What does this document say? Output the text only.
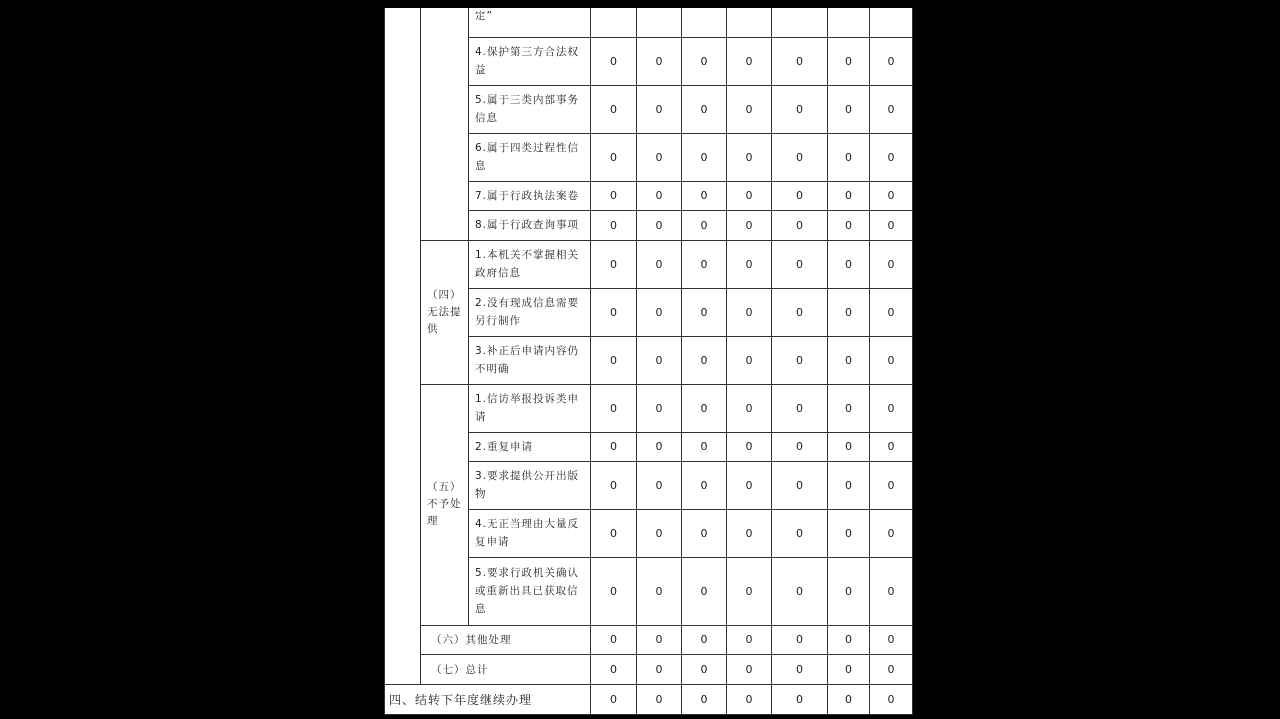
		定”							
		4.保护第三方合法权益	0	0	0	0	0	0	0
		5.属于三类内部事务信息	0	0	0	0	0	0	0
		6.属于四类过程性信息	0	0	0	0	0	0	0
		7.属于行政执法案卷	0	0	0	0	0	0	0
		8.属于行政查询事项	0	0	0	0	0	0	0
	（四）无法提供	1.本机关不掌握相关政府信息	0	0	0	0	0	0	0
		2.没有现成信息需要另行制作	0	0	0	0	0	0	0
		3.补正后申请内容仍不明确	0	0	0	0	0	0	0
	（五）不予处理	1.信访举报投诉类申请	0	0	0	0	0	0	0
		2.重复申请	0	0	0	0	0	0	0
		3.要求提供公开出版物	0	0	0	0	0	0	0
		4.无正当理由大量反复申请	0	0	0	0	0	0	0
		5.要求行政机关确认或重新出具已获取信息	0	0	0	0	0	0	0
	（六）其他处理		0	0	0	0	0	0	0
	（七）总计		0	0	0	0	0	0	0
四、结转下年度继续办理			0	0	0	0	0	0	0
